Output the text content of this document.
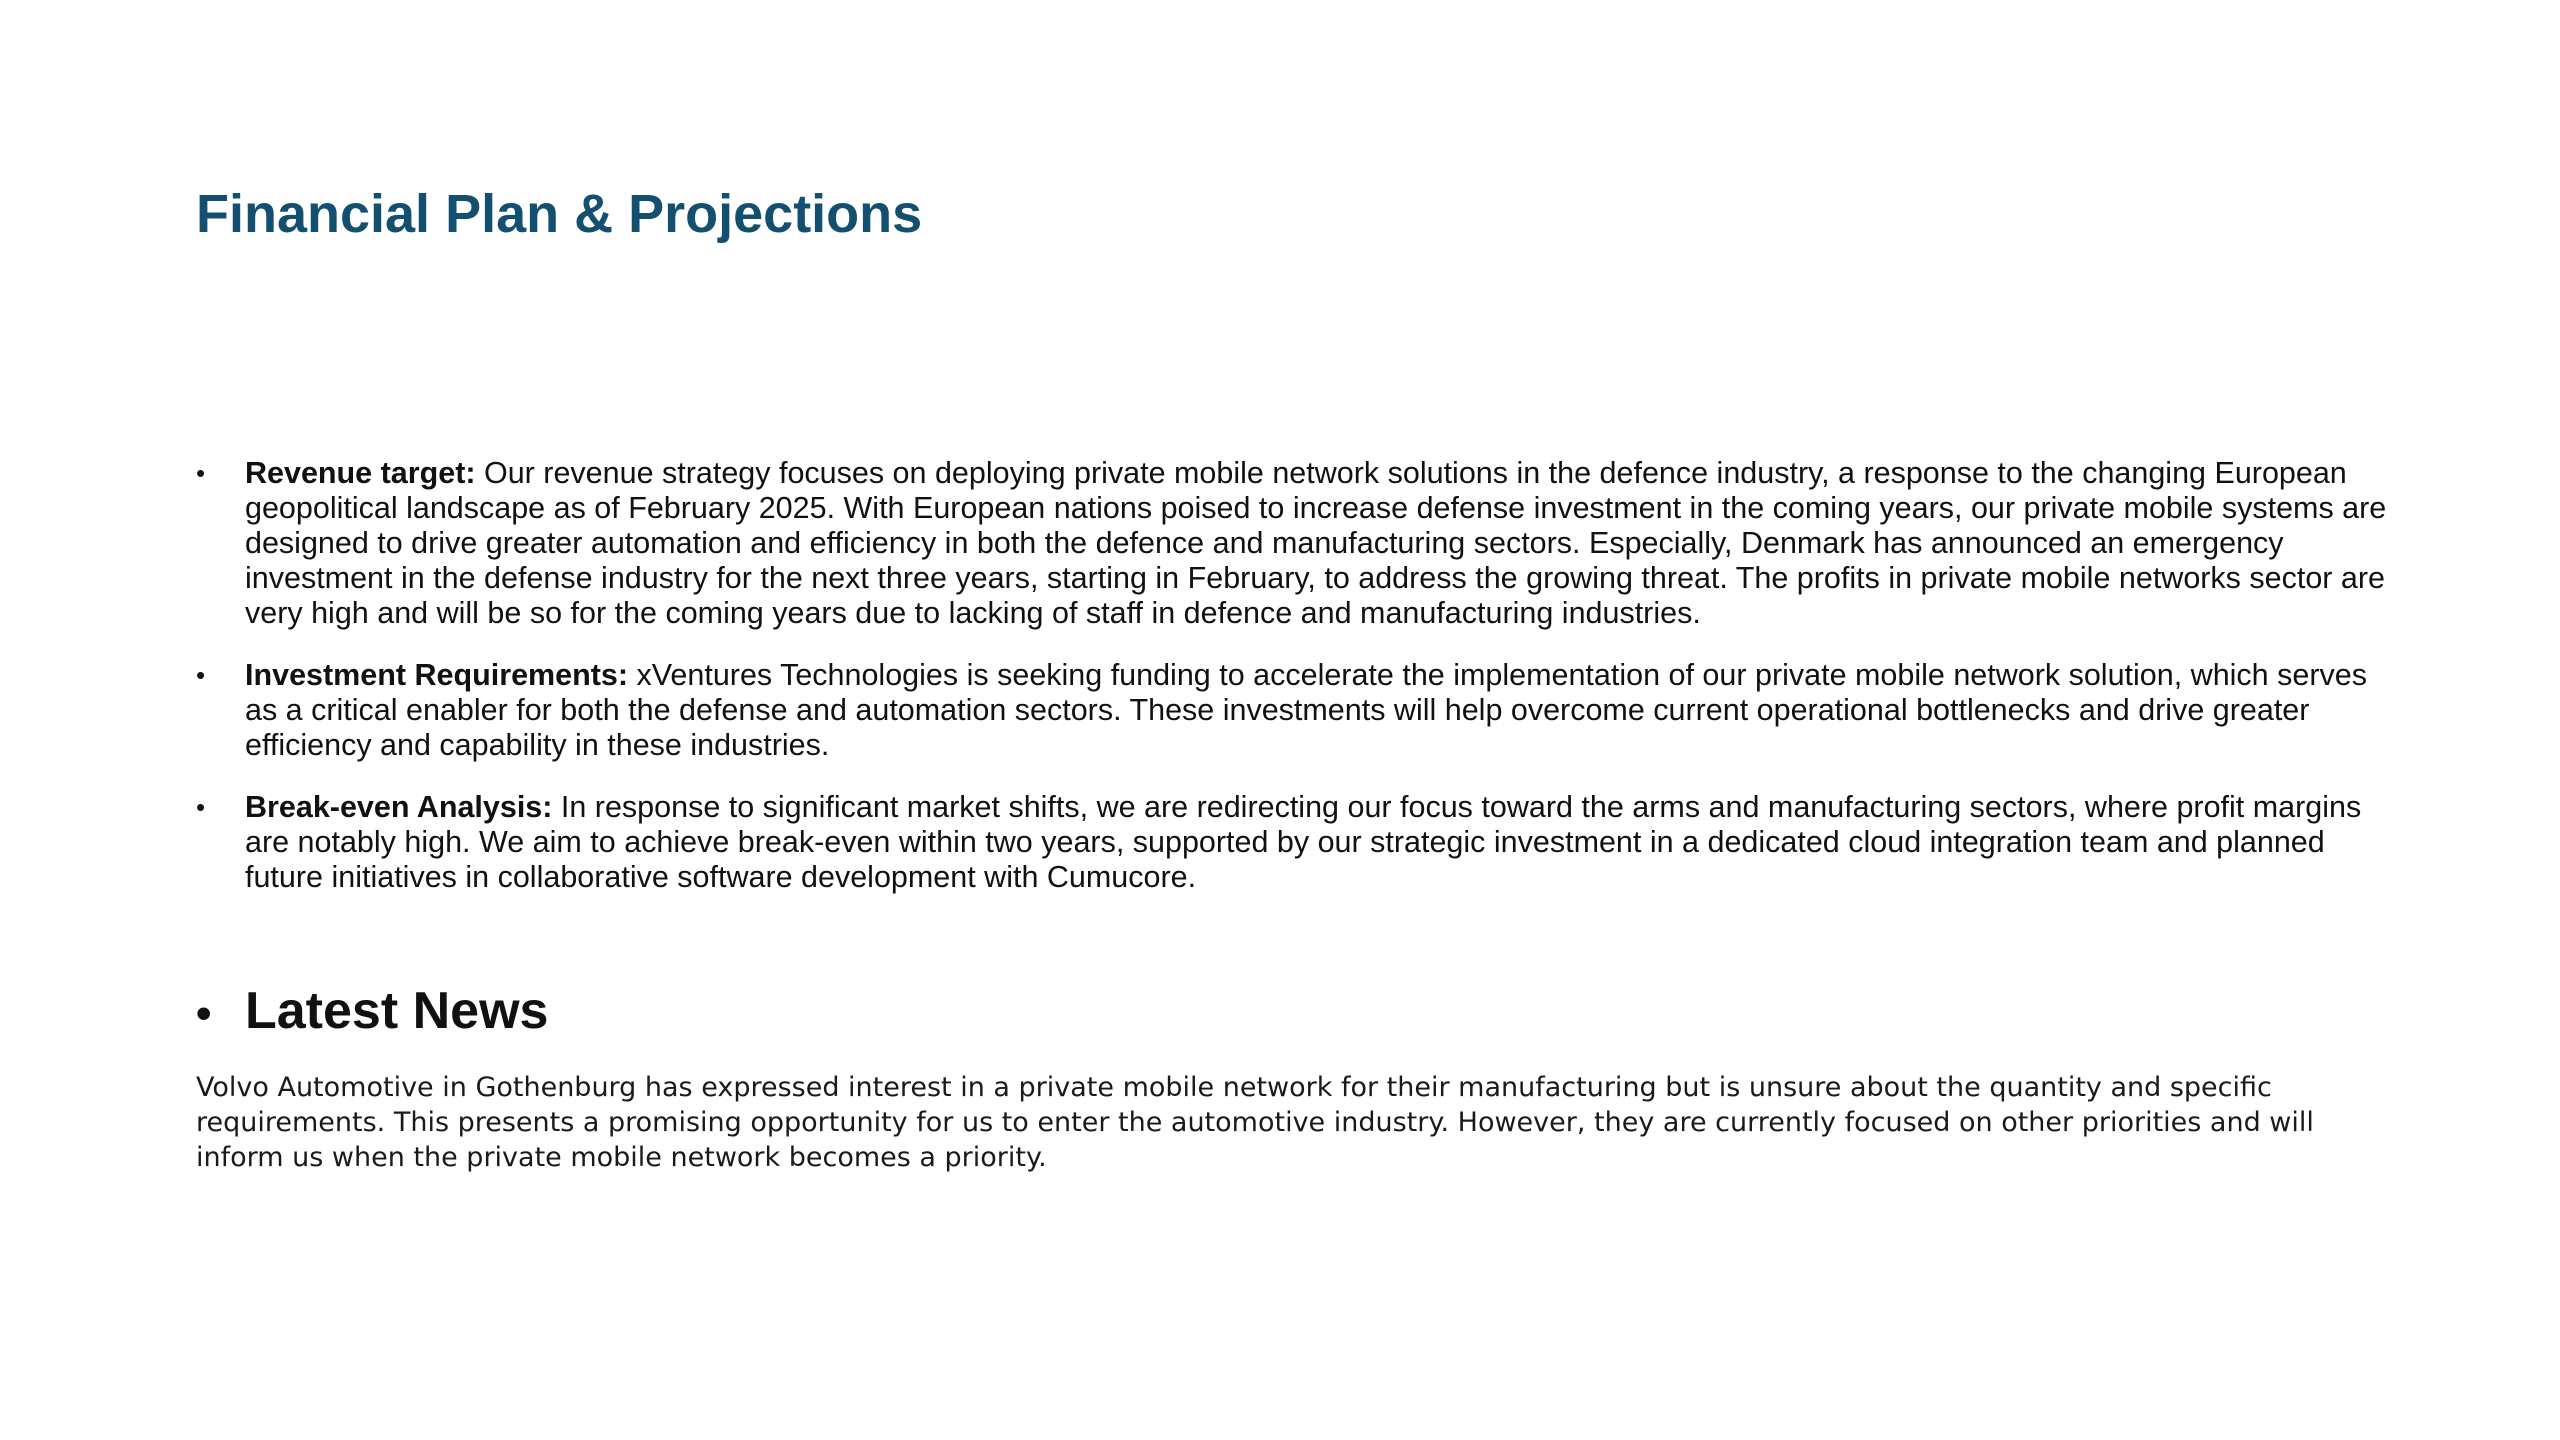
Financial Plan & Projections
•	Revenue target: Our revenue strategy focuses on deploying private mobile network solutions in the defence industry, a response to the changing European geopolitical landscape as of February 2025. With European nations poised to increase defense investment in the coming years, our private mobile systems are designed to drive greater automation and efficiency in both the defence and manufacturing sectors. Especially, Denmark has announced an emergency investment in the defense industry for the next three years, starting in February, to address the growing threat. The profits in private mobile networks sector are very high and will be so for the coming years due to lacking of staff in defence and manufacturing industries.
•	Investment Requirements: xVentures Technologies is seeking funding to accelerate the implementation of our private mobile network solution, which serves as a critical enabler for both the defense and automation sectors. These investments will help overcome current operational bottlenecks and drive greater efficiency and capability in these industries.
•	Break-even Analysis: In response to significant market shifts, we are redirecting our focus toward the arms and manufacturing sectors, where profit margins are notably high. We aim to achieve break-even within two years, supported by our strategic investment in a dedicated cloud integration team and planned future initiatives in collaborative software development with Cumucore.
• Latest News

Volvo Automotive in Gothenburg has expressed interest in a private mobile network for their manufacturing but is unsure about the quantity and specific requirements. This presents a promising opportunity for us to enter the automotive industry. However, they are currently focused on other priorities and will inform us when the private mobile network becomes a priority.
